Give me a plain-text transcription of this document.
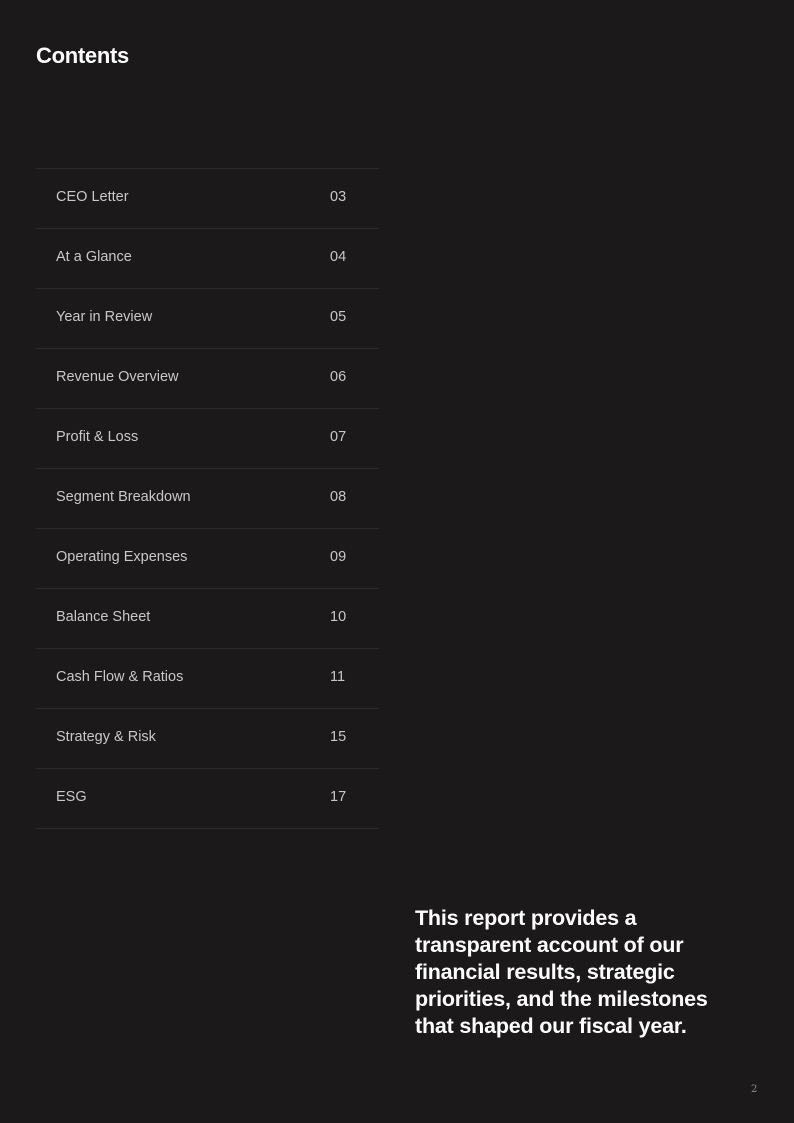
Contents
CEO Letter	03
At a Glance	04
Year in Review	05
Revenue Overview	06
Profit & Loss	07
Segment Breakdown	08
Operating Expenses	09
Balance Sheet	10
Cash Flow & Ratios	11
Strategy & Risk	15
ESG	17

This report provides a transparent account of our financial results, strategic priorities, and the milestones that shaped our fiscal year.

2
